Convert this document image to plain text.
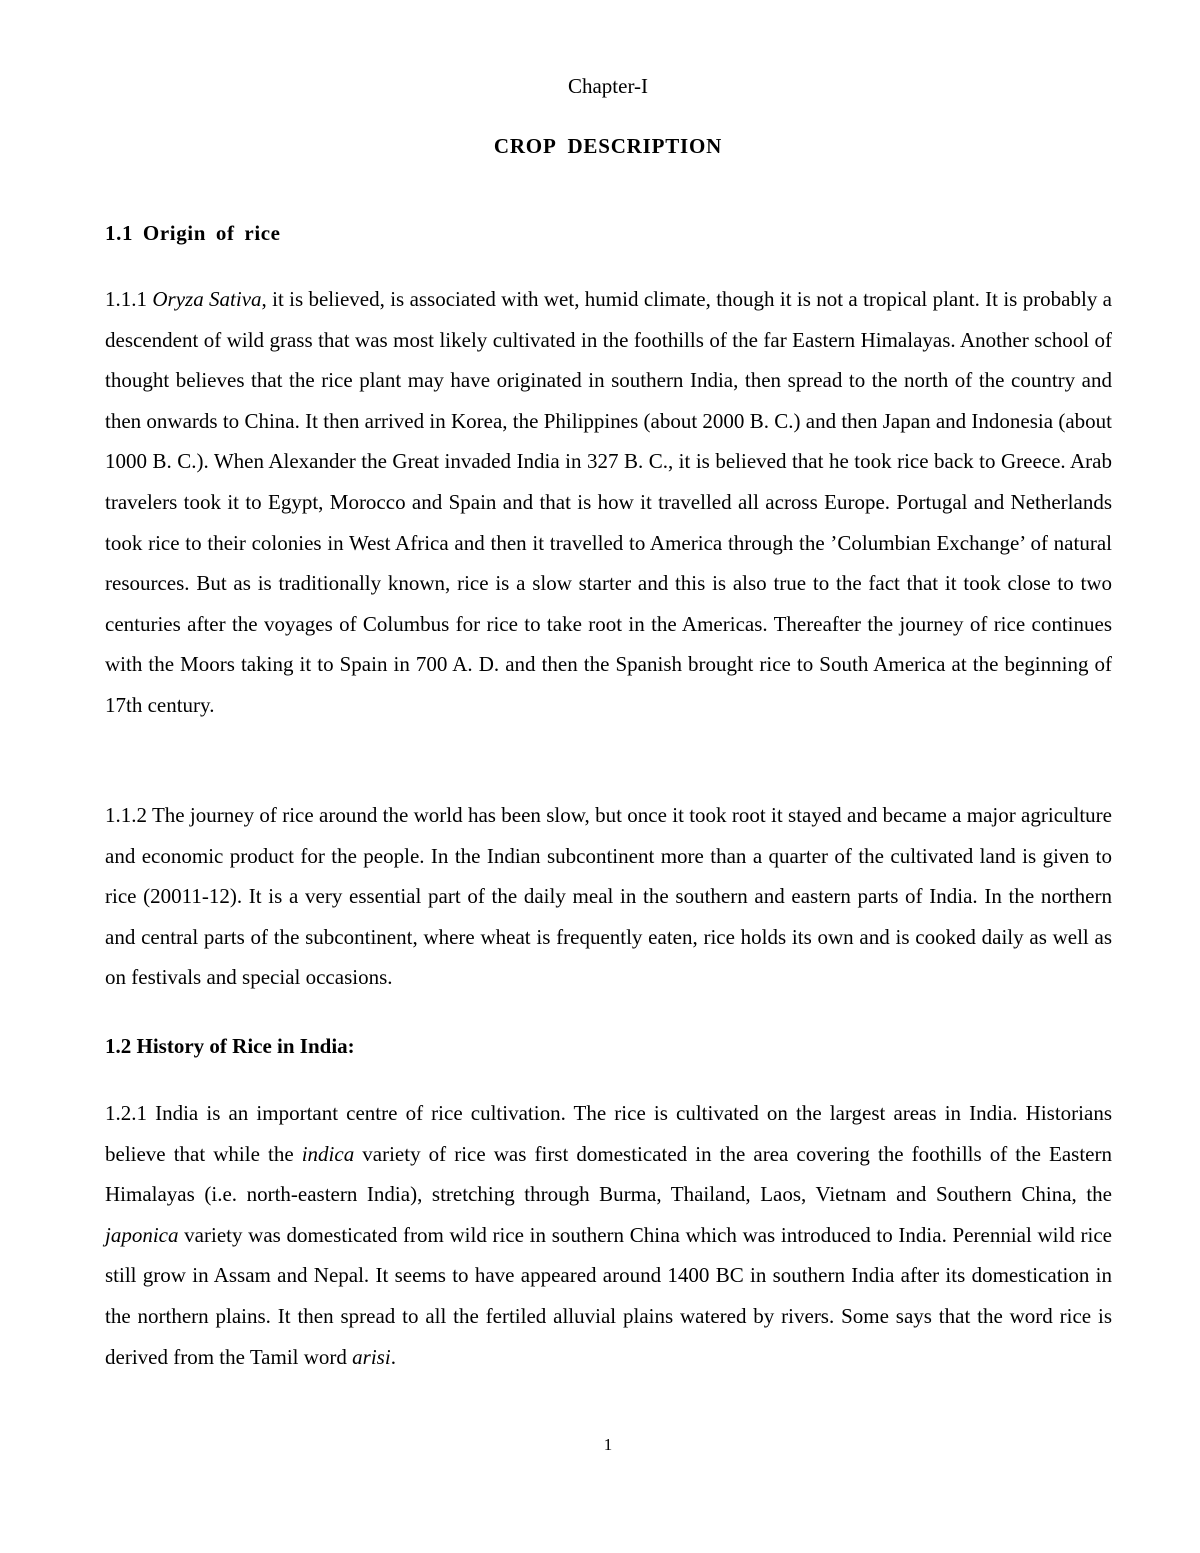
Chapter-I
CROP DESCRIPTION
1.1 Origin of rice

1.1.1 Oryza Sativa, it is believed, is associated with wet, humid climate, though it is not a tropical plant. It is probably a descendent of wild grass that was most likely cultivated in the foothills of the far Eastern Himalayas. Another school of thought believes that the rice plant may have originated in southern India, then spread to the north of the country and then onwards to China. It then arrived in Korea, the Philippines (about 2000 B. C.) and then Japan and Indonesia (about 1000 B. C.). When Alexander the Great invaded India in 327 B. C., it is believed that he took rice back to Greece. Arab travelers took it to Egypt, Morocco and Spain and that is how it travelled all across Europe. Portugal and Netherlands took rice to their colonies in West Africa and then it travelled to America through the ’Columbian Exchange’ of natural resources. But as is traditionally known, rice is a slow starter and this is also true to the fact that it took close to two centuries after the voyages of Columbus for rice to take root in the Americas. Thereafter the journey of rice continues with the Moors taking it to Spain in 700 A. D. and then the Spanish brought rice to South America at the beginning of 17th century.

1.1.2 The journey of rice around the world has been slow, but once it took root it stayed and became a major agriculture and economic product for the people. In the Indian subcontinent more than a quarter of the cultivated land is given to rice (20011-12). It is a very essential part of the daily meal in the southern and eastern parts of India. In the northern and central parts of the subcontinent, where wheat is frequently eaten, rice holds its own and is cooked daily as well as on festivals and special occasions.

1.2 History of Rice in India:

1.2.1 India is an important centre of rice cultivation. The rice is cultivated on the largest areas in India. Historians believe that while the indica variety of rice was first domesticated in the area covering the foothills of the Eastern Himalayas (i.e. north-eastern India), stretching through Burma, Thailand, Laos, Vietnam and Southern China, the japonica variety was domesticated from wild rice in southern China which was introduced to India. Perennial wild rice still grow in Assam and Nepal. It seems to have appeared around 1400 BC in southern India after its domestication in the northern plains. It then spread to all the fertiled alluvial plains watered by rivers. Some says that the word rice is derived from the Tamil word arisi.

1
